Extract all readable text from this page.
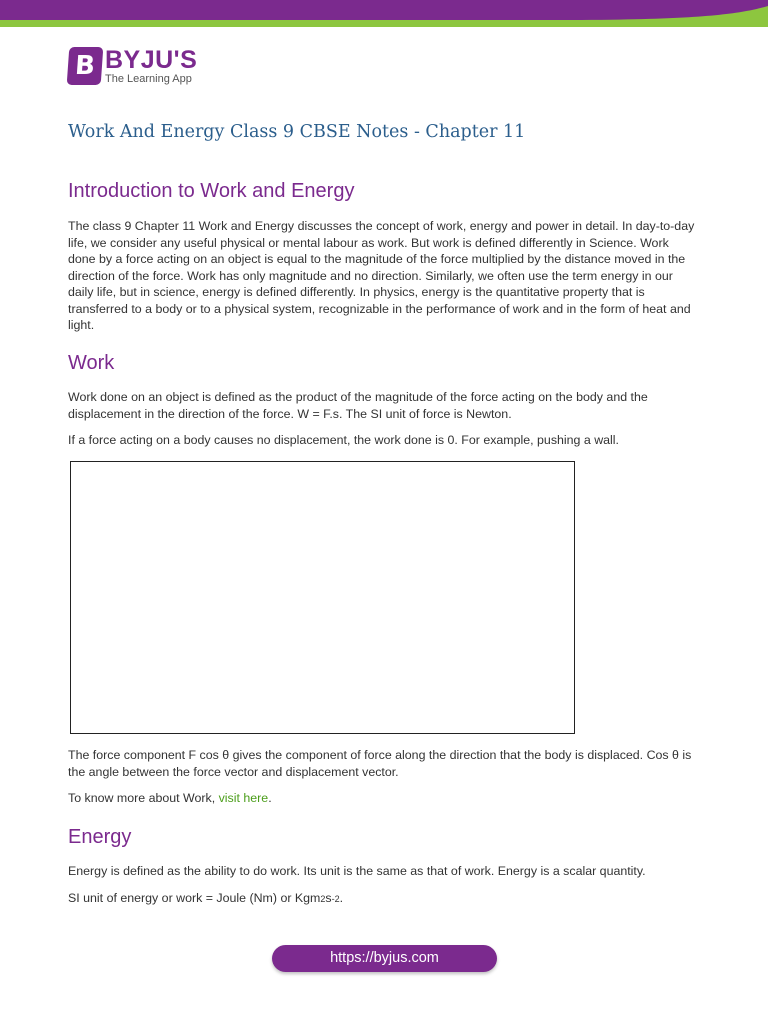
B BYJU'S
The Learning App
Work And Energy Class 9 CBSE Notes - Chapter 11
Introduction to Work and Energy

The class 9 Chapter 11 Work and Energy discusses the concept of work, energy and power in detail. In day-to-day life, we consider any useful physical or mental labour as work. But work is defined differently in Science. Work done by a force acting on an object is equal to the magnitude of the force multiplied by the distance moved in the direction of the force. Work has only magnitude and no direction. Similarly, we often use the term energy in our daily life, but in science, energy is defined differently. In physics, energy is the quantitative property that is transferred to a body or to a physical system, recognizable in the performance of work and in the form of heat and light.

Work

Work done on an object is defined as the product of the magnitude of the force acting on the body and the displacement in the direction of the force. W = F.s. The SI unit of force is Newton.

If a force acting on a body causes no displacement, the work done is 0. For example, pushing a wall.

The force component F cos θ gives the component of force along the direction that the body is displaced. Cos θ is the angle between the force vector and displacement vector.

To know more about Work, visit here.

Energy

Energy is defined as the ability to do work. Its unit is the same as that of work. Energy is a scalar quantity.

SI unit of energy or work = Joule (Nm) or Kgm2s-2.

https://byjus.com
